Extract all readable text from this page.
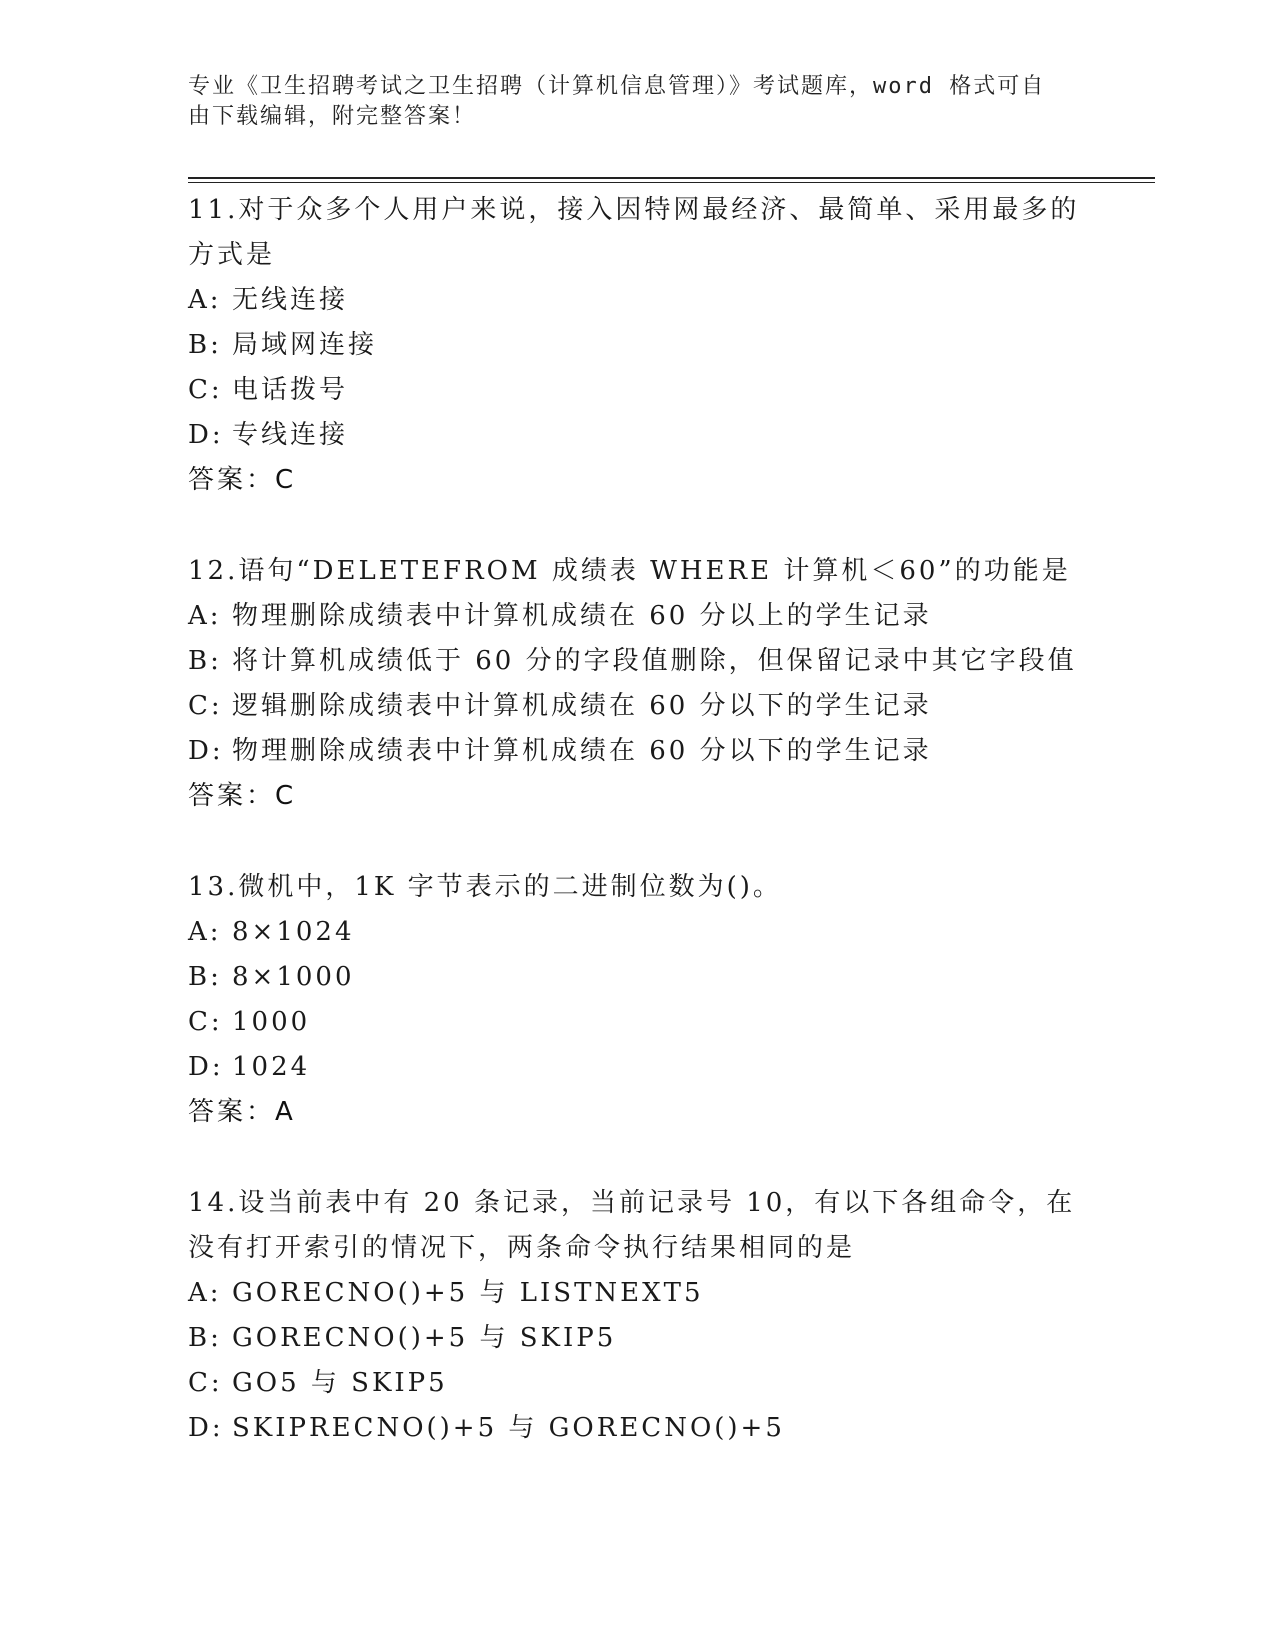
专业《卫生招聘考试之卫生招聘（计算机信息管理）》考试题库，word 格式可自由下载编辑，附完整答案！

11.对于众多个人用户来说，接入因特网最经济、最简单、采用最多的方式是

A: 无线连接

B: 局域网连接

C: 电话拨号

D: 专线连接

答案：C

12.语句“DELETEFROM 成绩表 WHERE 计算机＜60”的功能是

A: 物理删除成绩表中计算机成绩在 60 分以上的学生记录

B: 将计算机成绩低于 60 分的字段值删除，但保留记录中其它字段值

C: 逻辑删除成绩表中计算机成绩在 60 分以下的学生记录

D: 物理删除成绩表中计算机成绩在 60 分以下的学生记录

答案：C

13.微机中，1K 字节表示的二进制位数为()。

A: 8×1024

B: 8×1000

C: 1000

D: 1024

答案：A

14.设当前表中有 20 条记录，当前记录号 10，有以下各组命令，在没有打开索引的情况下，两条命令执行结果相同的是

A: GORECNO()+5 与 LISTNEXT5

B: GORECNO()+5 与 SKIP5

C: GO5 与 SKIP5

D: SKIPRECNO()+5 与 GORECNO()+5
